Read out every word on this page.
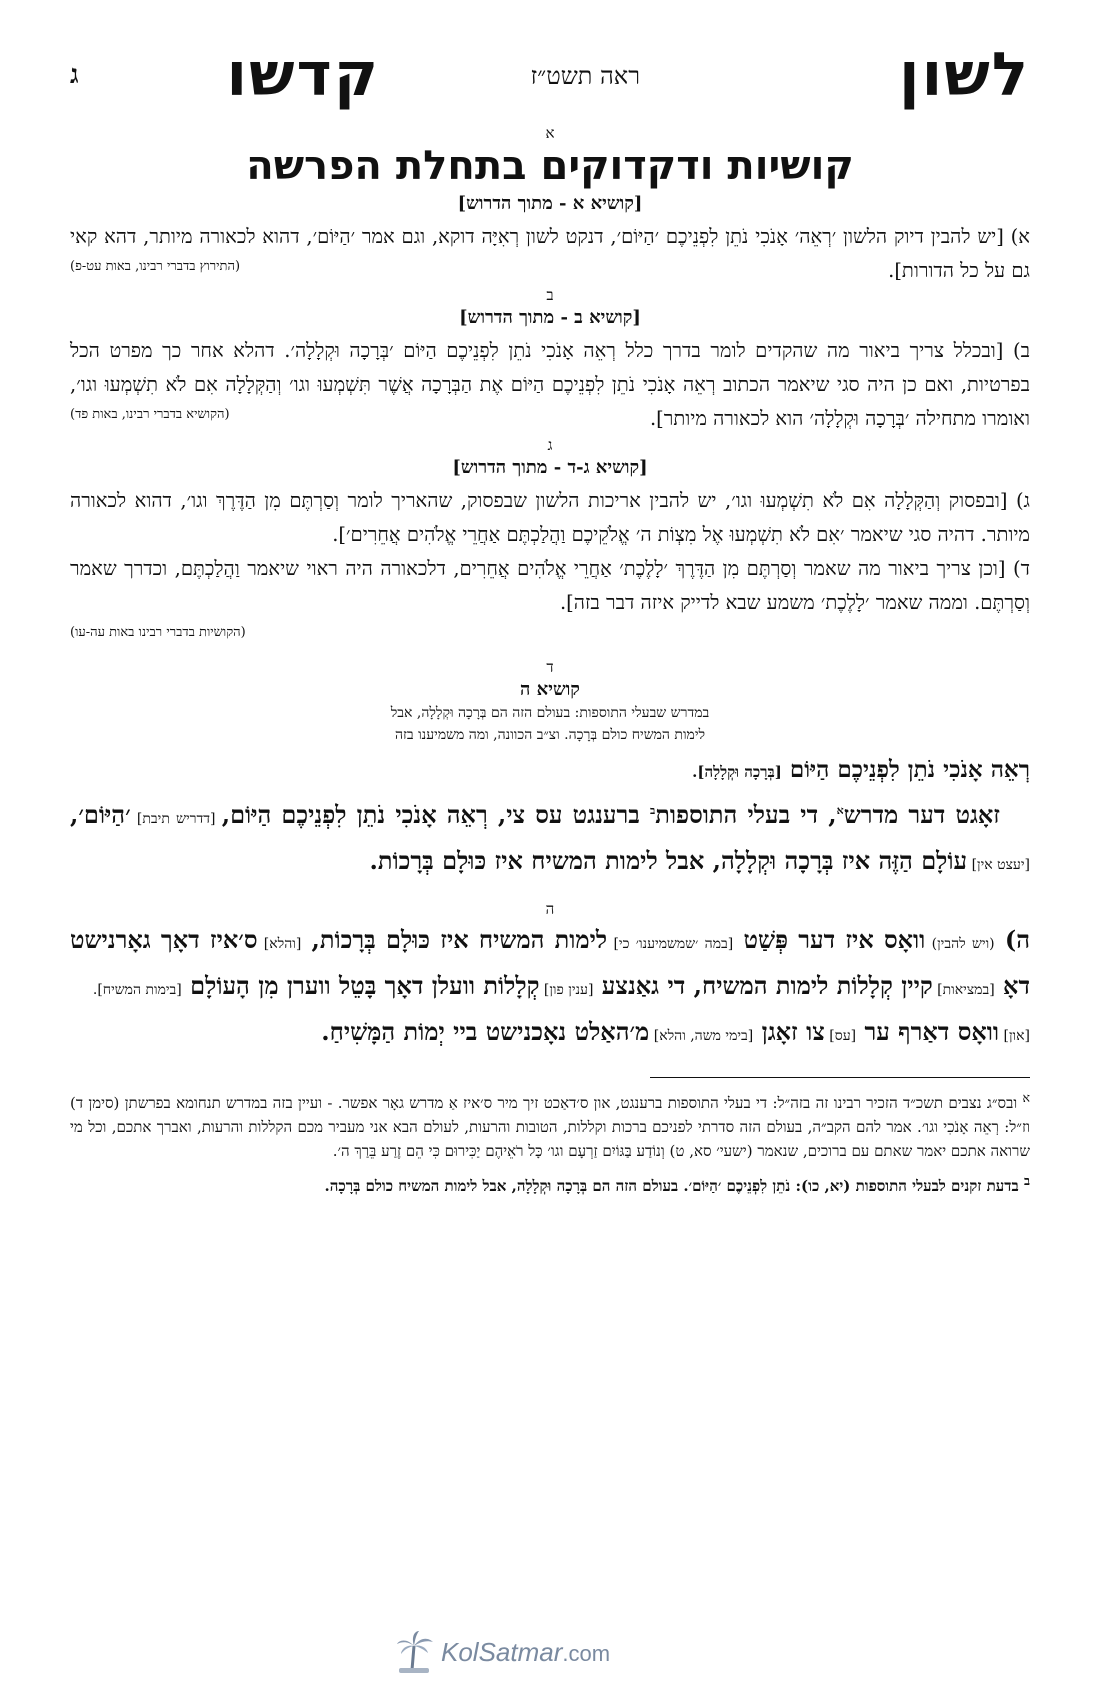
לשון
ראה תשט״ז
קדשו
ג
א
קושיות ודקדוקים בתחלת הפרשה
[קושיא א - מתוך הדרוש]

א) [יש להבין דיוק הלשון ׳רְאֵה׳ אָנֹכִי נֹתֵן לִפְנֵיכֶם ׳הַיּוֹם׳, דנקט לשון רְאִיָּה דוקא, וגם אמר ׳הַיּוֹם׳, דהוא לכאורה מיותר, דהא קאי גם על כל הדורות].

(התירוץ בדברי רבינו, באות עט-פ)
ב
[קושיא ב - מתוך הדרוש]

ב) [ובכלל צריך ביאור מה שהקדים לומר בדרך כלל רְאֵה אָנֹכִי נֹתֵן לִפְנֵיכֶם הַיּוֹם ׳בְּרָכָה וּקְלָלָה׳. דהלא אחר כך מפרט הכל בפרטיות, ואם כן היה סגי שיאמר הכתוב רְאֵה אָנֹכִי נֹתֵן לִפְנֵיכֶם הַיּוֹם אֶת הַבְּרָכָה אֲשֶׁר תִּשְׁמְעוּ וגו׳ וְהַקְּלָלָה אִם לֹא תִשְׁמְעוּ וגו׳, ואומרו מתחילה ׳בְּרָכָה וּקְלָלָה׳ הוא לכאורה מיותר].

(הקושיא בדברי רבינו, באות פד)
ג
[קושיא ג-ד - מתוך הדרוש]

ג) [ובפסוק וְהַקְּלָלָה אִם לֹא תִשְׁמְעוּ וגו׳, יש להבין אריכות הלשון שבפסוק, שהאריך לומר וְסַרְתֶּם מִן הַדֶּרֶךְ וגו׳, דהוא לכאורה מיותר. דהיה סגי שיאמר ׳אִם לֹא תִשְׁמְעוּ אֶל מִצְוֹת ה׳ אֱלֹקֵיכֶם וַהֲלַכְתֶּם אַחֲרֵי אֱלֹהִים אֲחֵרִים׳].

ד) [וכן צריך ביאור מה שאמר וְסַרְתֶּם מִן הַדֶּרֶךְ ׳לָלֶכֶת׳ אַחֲרֵי אֱלֹהִים אֲחֵרִים, דלכאורה היה ראוי שיאמר וַהֲלַכְתֶּם, וכדרך שאמר וְסַרְתֶּם. וממה שאמר ׳לָלֶכֶת׳ משמע שבא לדייק איזה דבר בזה].

(הקושיות בדברי רבינו באות עה-עו)
ד
קושיא ה
במדרש שבעלי התוספות: בעולם הזה הם בְּרָכָה וּקְלָלָה, אבל
לימות המשיח כולם בְּרָכָה. וצ״ב הכוונה, ומה משמיענו בזה
רְאֵה אָנֹכִי נֹתֵן לִפְנֵיכֶם הַיּוֹם [בְּרָכָה וּקְלָלָה].

זאָגט דער מדרש$^א$, די בעלי התוספות$^ב$ ברענגט עס צי, רְאֵה אָנֹכִי נֹתֵן לִפְנֵיכֶם הַיּוֹם, [דדריש תיבת] ׳הַיּוֹם׳, [יעצט אין] עוֹלָם הַזֶּה איז בְּרָכָה וּקְלָלָה, אבל לימות המשיח איז כּוּלָם בְּרָכוֹת.

ה

ה) (ויש להבין) וואָס איז דער פְּשַׁט [במה ׳שמשמיענו׳ כי] לימות המשיח איז כּוּלָם בְּרָכוֹת, [והלא] ס׳איז דאָך גאָרנישט דאָ [במציאות] קיין קְלָלוֹת לימות המשיח, די גאַנצע [ענין פון] קְלָלוֹת וועלן דאָך בָּטֵל ווערן מִן הָעוֹלָם [בימות המשיח].

[און] וואָס דאַרף ער [עס] צו זאָגן [בימי משה, והלא] מ׳האַלט נאָכנישט ביי יְמוֹת הַמָּשִׁיחַ.

$^א$ ובס״ג נצבים תשכ״ד הזכיר רבינו זה בזה״ל: די בעלי התוספות ברענגט, און ס׳דאַכט זיך מיר ס׳איז אַ מדרש גאָר אפשר. - ועיין בזה במדרש תנחומא בפרשתן (סימן ד) וז״ל: רְאֵה אָנֹכִי וגו׳. אמר להם הקב״ה, בעולם הזה סדרתי לפניכם ברכות וקללות, הטובות והרעות, לעולם הבא אני מעביר מכם הקללות והרעות, ואברך אתכם, וכל מי שרואה אתכם יאמר שאתם עם ברוכים, שנאמר (ישעי׳ סא, ט) וְנוֹדַע בַּגּוֹיִם זַרְעָם וגו׳ כָּל רֹאֵיהֶם יַכִּירוּם כִּי הֵם זֶרַע בֵּרַךְ ה׳.

$^ב$ בדעת זקנים לבעלי התוספות (יא, כו): נֹתֵן לִפְנֵיכֶם ׳הַיּוֹם׳. בעולם הזה הם בְּרָכָה וּקְלָלָה, אבל לימות המשיח כולם בְּרָכָה.

KolSatmar.com
